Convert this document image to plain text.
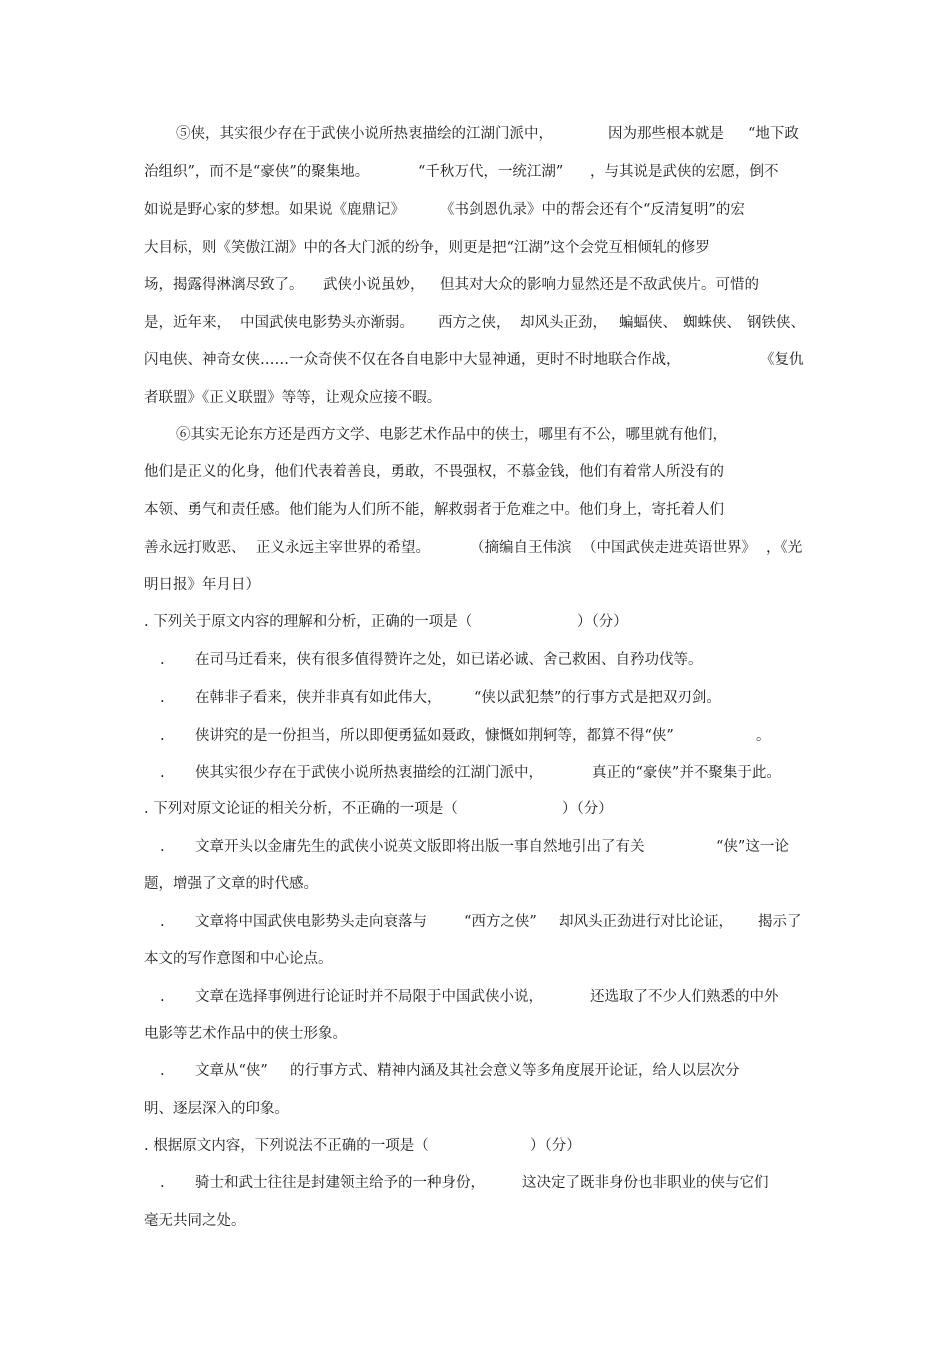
⑤侠，其实很少存在于武侠小说所热衷描绘的江湖门派中，

	因为那些根本就是

“地下政

治组织”，而不是“豪侠”的聚集地。

	“千秋万代，一统江湖”

，与其说是武侠的宏愿，倒不

如说是野心家的梦想。如果说《鹿鼎记》

《书剑恩仇录》中的帮会还有个“反清复明”的宏

大目标，则《笑傲江湖》中的各大门派的纷争，则更是把“江湖”这个会党互相倾轧的修罗

场，揭露得淋漓尽致了。

武侠小说虽妙，

但其对大众的影响力显然还是不敌武侠片。可惜的

是，近年来，

中国武侠电影势头亦渐弱。

西方之侠，

却风头正劲，

蝙蝠侠、

蜘蛛侠、

钢铁侠、

闪电侠、神奇女侠……一众奇侠不仅在各自电影中大显神通，更时不时地联合作战，

	《复仇

者联盟》《正义联盟》等等，让观众应接不暇。

⑥其实无论东方还是西方文学、电影艺术作品中的侠士，哪里有不公，哪里就有他们，

他们是正义的化身，他们代表着善良，勇敢，不畏强权，不慕金钱，他们有着常人所没有的

本领、勇气和责任感。他们能为人们所不能，解救弱者于危难之中。他们身上，寄托着人们

善永远打败恶、

正义永远主宰世界的希望。

	（摘编自王伟滨

（中国武侠走进英语世界》

，《光

明日报》年月日）

. 下列关于原文内容的理解和分析，正确的一项是（

	）（分）

.

在司马迁看来，侠有很多值得赞许之处，如已诺必诚、舍己救困、自矜功伐等。

.

在韩非子看来，侠并非真有如此伟大，

“侠以武犯禁”的行事方式是把双刃剑。

.

侠讲究的是一份担当，所以即便勇猛如聂政，慷慨如荆轲等，都算不得“侠”

	。

.

侠其实很少存在于武侠小说所热衷描绘的江湖门派中，

	真正的“豪侠”并不聚集于此。

. 下列对原文论证的相关分析，不正确的一项是（

	）（分）

.

文章开头以金庸先生的武侠小说英文版即将出版一事自然地引出了有关

	“侠”这一论

题，增强了文章的时代感。

.

文章将中国武侠电影势头走向衰落与

	“西方之侠”

却风头正劲进行对比论证，

揭示了

本文的写作意图和中心论点。

.

文章在选择事例进行论证时并不局限于中国武侠小说，

	还选取了不少人们熟悉的中外

电影等艺术作品中的侠士形象。

.

文章从“侠”

的行事方式、精神内涵及其社会意义等多角度展开论证，给人以层次分

明、逐层深入的印象。

. 根据原文内容，下列说法不正确的一项是（

	）（分）

.

骑士和武士往往是封建领主给予的一种身份，

	这决定了既非身份也非职业的侠与它们

毫无共同之处。
